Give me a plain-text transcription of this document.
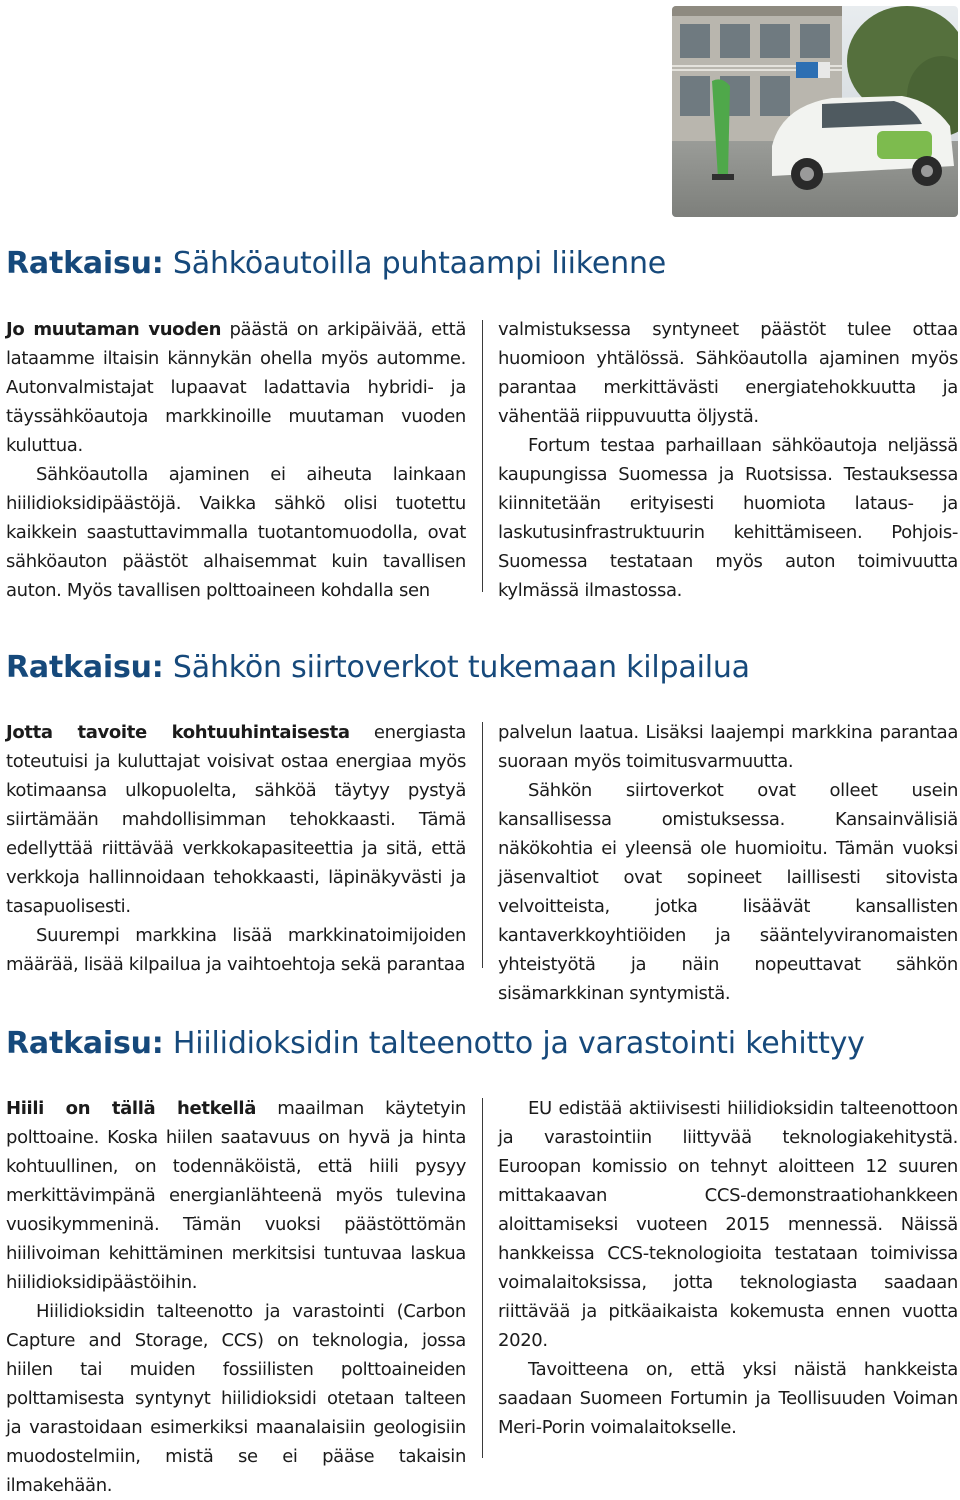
Ratkaisu: Sähköautoilla puhtaampi liikenne

Jo muutaman vuoden päästä on arkipäivää, että lataamme iltaisin kännykän ohella myös automme. Autonvalmistajat lupaavat ladattavia hybridi- ja täyssähköautoja markkinoille muutaman vuoden kuluttua.

Sähköautolla ajaminen ei aiheuta lainkaan hiilidioksidipäästöjä. Vaikka sähkö olisi tuotettu kaikkein saastuttavimmalla tuotantomuodolla, ovat sähköauton päästöt alhaisemmat kuin tavallisen auton. Myös tavallisen polttoaineen kohdalla sen

valmistuksessa syntyneet päästöt tulee ottaa huomioon yhtälössä. Sähköautolla ajaminen myös parantaa merkittävästi energiatehokkuutta ja vähentää riippuvuutta öljystä.

Fortum testaa parhaillaan sähköautoja neljässä kaupungissa Suomessa ja Ruotsissa. Testauksessa kiinnitetään erityisesti huomiota lataus- ja laskutusinfrastruktuurin kehittämiseen. Pohjois-Suomessa testataan myös auton toimivuutta kylmässä ilmastossa.

Ratkaisu: Sähkön siirtoverkot tukemaan kilpailua

Jotta tavoite kohtuuhintaisesta energiasta toteutuisi ja kuluttajat voisivat ostaa energiaa myös kotimaansa ulkopuolelta, sähköä täytyy pystyä siirtämään mahdollisimman tehokkaasti. Tämä edellyttää riittävää verkkokapasiteettia ja sitä, että verkkoja hallinnoidaan tehokkaasti, läpinäkyvästi ja tasapuolisesti.

Suurempi markkina lisää markkinatoimijoiden määrää, lisää kilpailua ja vaihtoehtoja sekä parantaa

palvelun laatua. Lisäksi laajempi markkina parantaa suoraan myös toimitusvarmuutta.

Sähkön siirtoverkot ovat olleet usein kansallisessa omistuksessa. Kansainvälisiä näkökohtia ei yleensä ole huomioitu. Tämän vuoksi jäsenvaltiot ovat sopineet laillisesti sitovista velvoitteista, jotka lisäävät kansallisten kantaverkkoyhtiöiden ja sääntelyviranomaisten yhteistyötä ja näin nopeuttavat sähkön sisämarkkinan syntymistä.

Ratkaisu: Hiilidioksidin talteenotto ja varastointi kehittyy

Hiili on tällä hetkellä maailman käytetyin polttoaine. Koska hiilen saatavuus on hyvä ja hinta kohtuullinen, on todennäköistä, että hiili pysyy merkittävimpänä energianlähteenä myös tulevina vuosikymmeninä. Tämän vuoksi päästöttömän hiilivoiman kehittäminen merkitsisi tuntuvaa laskua hiilidioksidipäästöihin.

Hiilidioksidin talteenotto ja varastointi (Carbon Capture and Storage, CCS) on teknologia, jossa hiilen tai muiden fossiilisten polttoaineiden polttamisesta syntynyt hiilidioksidi otetaan talteen ja varastoidaan esimerkiksi maanalaisiin geologisiin muodostelmiin, mistä se ei pääse takaisin ilmakehään.

EU edistää aktiivisesti hiilidioksidin talteenottoon ja varastointiin liittyvää teknologiakehitystä. Euroopan komissio on tehnyt aloitteen 12 suuren mittakaavan CCS-demonstraatiohankkeen aloittamiseksi vuoteen 2015 mennessä. Näissä hankkeissa CCS-teknologioita testataan toimivissa voimalaitoksissa, jotta teknologiasta saadaan riittävää ja pitkäaikaista kokemusta ennen vuotta 2020.

Tavoitteena on, että yksi näistä hankkeista saadaan Suomeen Fortumin ja Teollisuuden Voiman Meri-Porin voimalaitokselle.
